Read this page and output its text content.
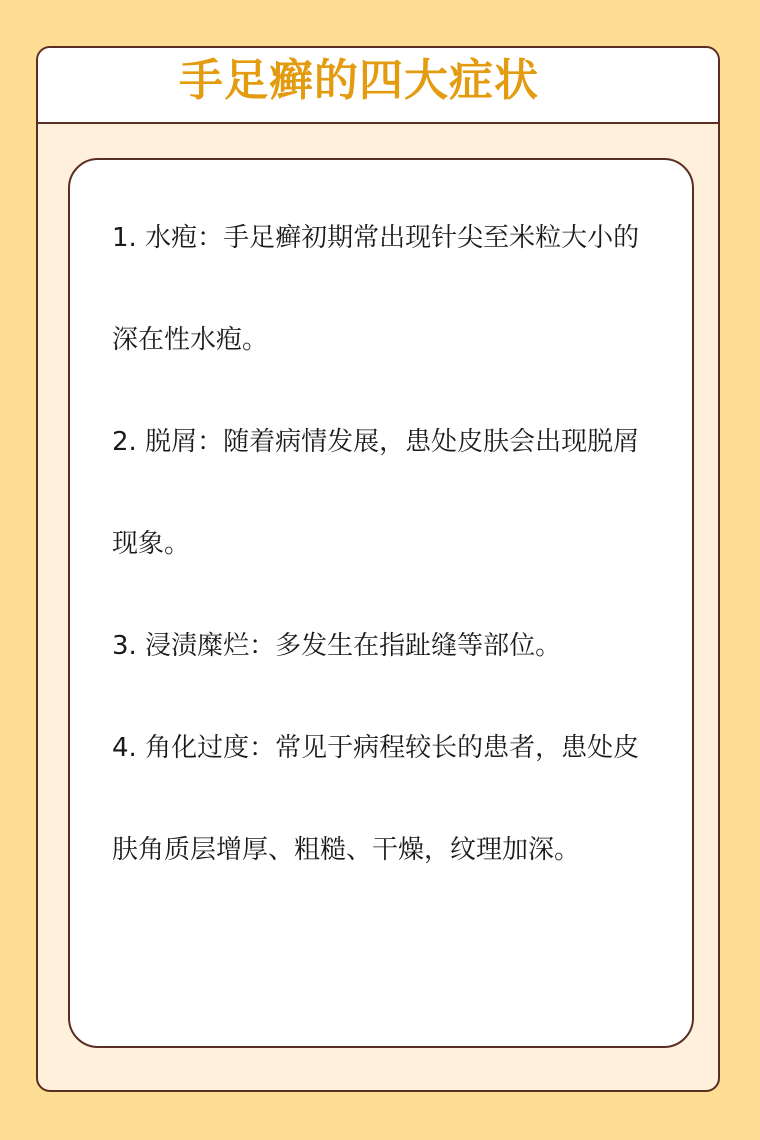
手足癣的四大症状

1. 水疱：手足癣初期常出现针尖至米粒大小的深在性水疱。

2. 脱屑：随着病情发展，患处皮肤会出现脱屑现象。

3. 浸渍糜烂：多发生在指趾缝等部位。

4. 角化过度：常见于病程较长的患者，患处皮肤角质层增厚、粗糙、干燥，纹理加深。
